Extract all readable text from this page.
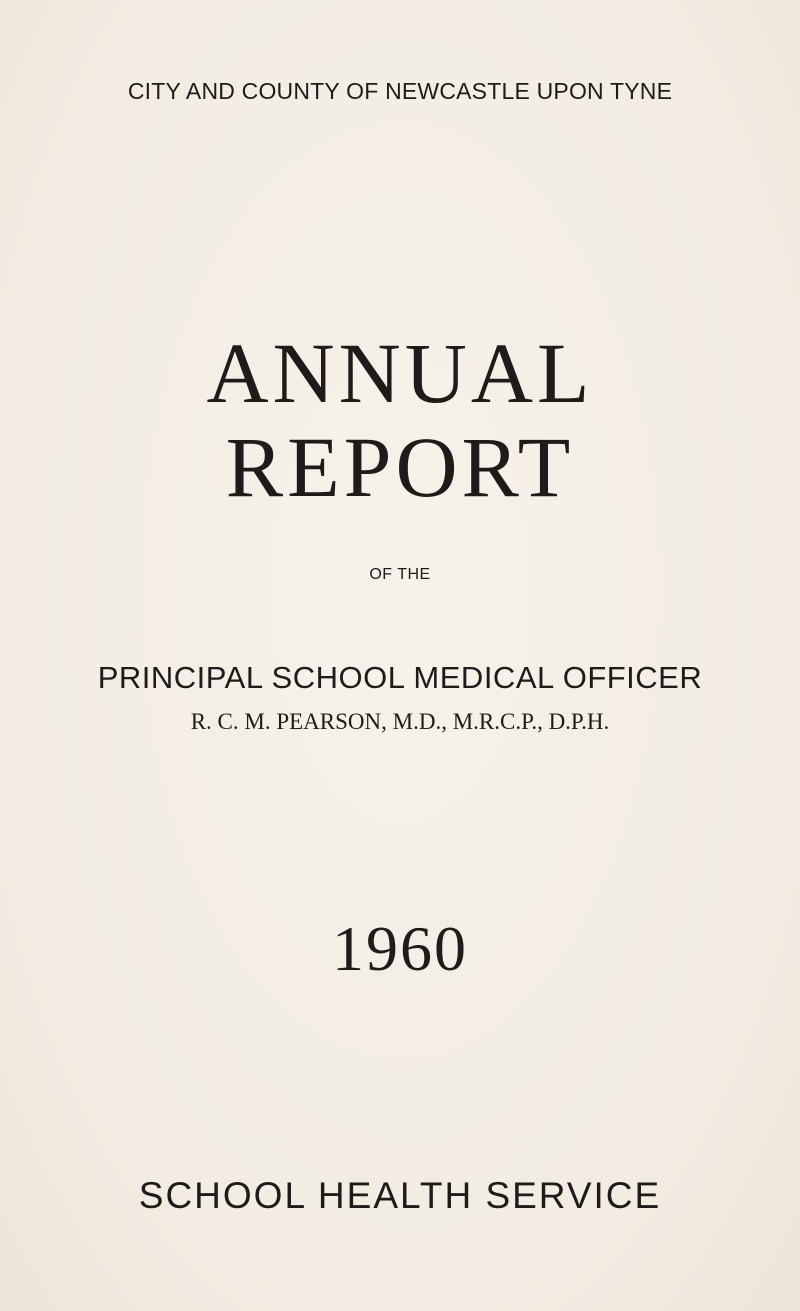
CITY AND COUNTY OF NEWCASTLE UPON TYNE
ANNUAL
REPORT
OF THE
PRINCIPAL SCHOOL MEDICAL OFFICER
R. C. M. PEARSON, M.D., M.R.C.P., D.P.H.
1960
SCHOOL HEALTH SERVICE
